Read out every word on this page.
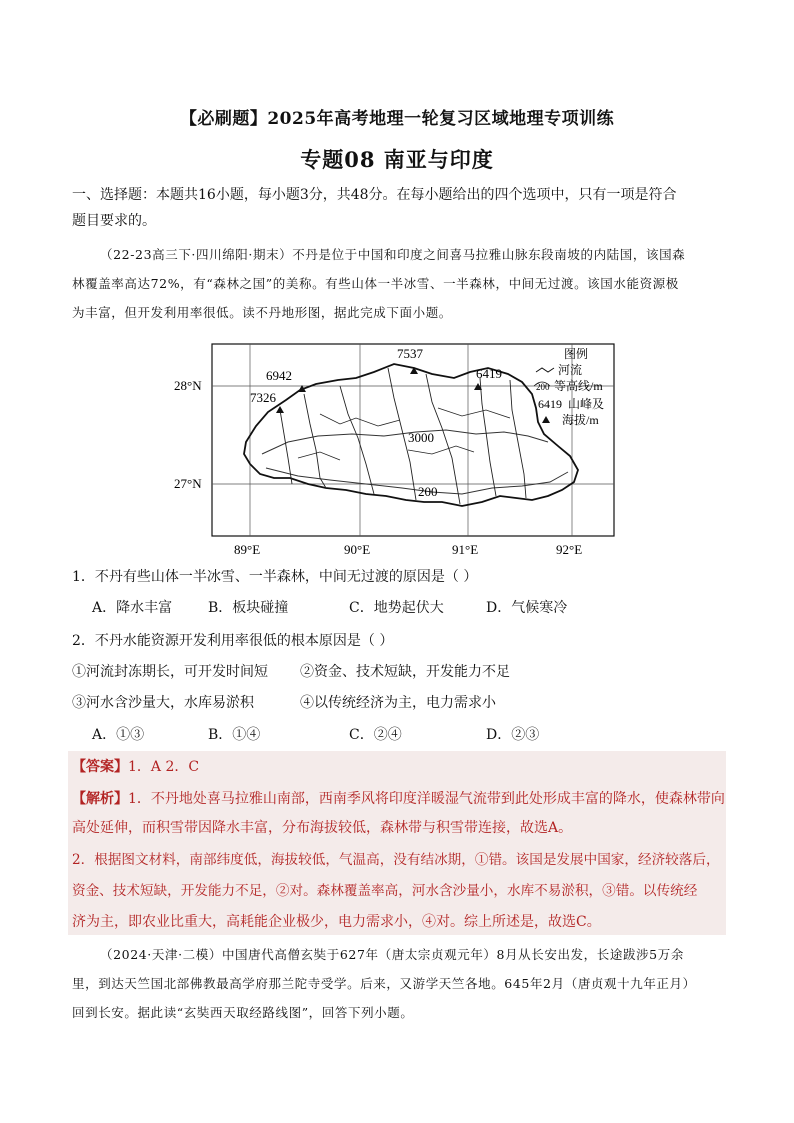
【必刷题】2025年高考地理一轮复习区域地理专项训练
专题08 南亚与印度
一、选择题：本题共16小题，每小题3分，共48分。在每小题给出的四个选项中，只有一项是符合
题目要求的。
（22-23高三下·四川绵阳·期末）不丹是位于中国和印度之间喜马拉雅山脉东段南坡的内陆国，该国森
林覆盖率高达72%，有“森林之国”的美称。有些山体一半冰雪、一半森林，中间无过渡。该国水能资源极
为丰富，但开发利用率很低。读不丹地形图，据此完成下面小题。
7537
6942
7326
6419
3000
200
28°N
27°N
89°E	90°E	91°E	92°E
图例
河流
200 等高线/m
6419 山峰及
海拔/m
1．不丹有些山体一半冰雪、一半森林，中间无过渡的原因是（ ）
A．降水丰富	B．板块碰撞	C．地势起伏大	D．气候寒冷
2．不丹水能资源开发利用率很低的根本原因是（ ）
①河流封冻期长，可开发时间短 ②资金、技术短缺，开发能力不足
③河水含沙量大，水库易淤积	④以传统经济为主，电力需求小
A．①③	B．①④	C．②④	D．②③
【答案】1．A 2．C
【解析】1．不丹地处喜马拉雅山南部，西南季风将印度洋暖湿气流带到此处形成丰富的降水，使森林带向
高处延伸，而积雪带因降水丰富，分布海拔较低，森林带与积雪带连接，故选A。
2．根据图文材料，南部纬度低，海拔较低，气温高，没有结冰期，①错。该国是发展中国家，经济较落后，
资金、技术短缺，开发能力不足，②对。森林覆盖率高，河水含沙量小，水库不易淤积，③错。以传统经
济为主，即农业比重大，高耗能企业极少，电力需求小，④对。综上所述是，故选C。
（2024·天津·二模）中国唐代高僧玄奘于627年（唐太宗贞观元年）8月从长安出发，长途跋涉5万余
里，到达天竺国北部佛教最高学府那兰陀寺受学。后来，又游学天竺各地。645年2月（唐贞观十九年正月）
回到长安。据此读“玄奘西天取经路线图”，回答下列小题。
